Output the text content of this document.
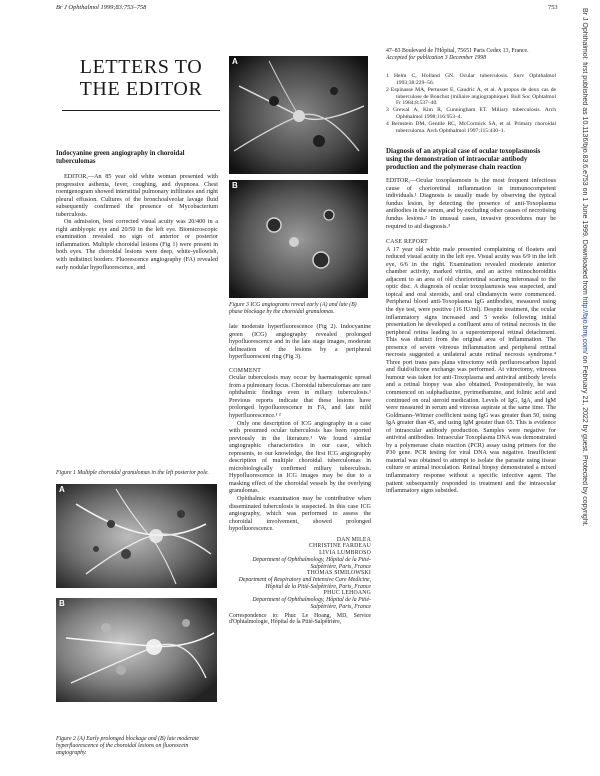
Br J Ophthalmol 1999;83:753–758	753
Br J Ophthalmol: first published as 10.1136/bjo.83.6.e753 on 1 June 1999. Downloaded from http://bjo.bmj.com/ on February 21, 2022 by guest. Protected by copyright.
LETTERS TO
THE EDITOR
Indocyanine green angiography in choroidal tuberculomas

EDITOR,—An 85 year old white woman presented with progressive asthenia, fever, coughing, and dyspnoea. Chest roentgenogram showed interstitial pulmonary infiltrates and right pleural effusion. Cultures of the bronchoalveolar lavage fluid subsequently confirmed the presence of Mycobacterium tuberculosis.

On admission, best corrected visual acuity was 20/400 in a right amblyopic eye and 20/50 in the left eye. Biomicroscopic examination revealed no sign of anterior or posterior inflammation. Multiple choroidal lesions (Fig 1) were present in both eyes. The choroidal lesions were deep, white-yellowish, with indistinct borders. Fluorescence angiography (FA) revealed early nodular hypofluorescence, and

Figure 1 Multiple choroidal granulomas in the left posterior pole.
A
B
Figure 2 (A) Early prolonged blockage and (B) late moderate hyperfluorescence of the choroidal lesions on fluorescein angiography.
A
B
Figure 3 ICG angiograms reveal early (A) and late (B) phase blockage by the choroidal granulomas.

late moderate hyperfluorescence (Fig 2). Indocyanine green (ICG) angiography revealed prolonged hypofluorescence and in the late stage images, moderate delineation of the lesions by a peripheral hyperfluorescent ring (Fig 3).

COMMENT

Ocular tuberculosis may occur by haematogenic spread from a pulmonary focus. Choroidal tuberculomas are rare ophthalmic findings even in miliary tuberculosis.¹ Previous reports indicate that these lesions have prolonged hypofluorescence in FA, and late mild hyperfluorescence.¹ ²

Only one description of ICG angiography in a case with presumed ocular tuberculosis has been reported previously in the literature.³ We found similar angiographic characteristics in our case, which represents, to our knowledge, the first ICG angiography description of multiple choroidal tuberculomas in microbiologically confirmed miliary tuberculosis. Hypofluorescence in ICG images may be due to a masking effect of the choroidal vessels by the overlying granulomas.

Ophthalmic examination may be contributive when disseminated tuberculosis is suspected. In this case ICG angiography, which was performed to assess the choroidal involvement, showed prolonged hypofluorescence.

DAN MILEA
CHRISTINE FARDEAU
LIVIA LUMBROSO
Department of Ophthalmology, Hôpital de la Pitié-Salpêtrière, Paris, France
THOMAS SIMILOWSKI
Department of Respiratory and Intensive Care Medicine, Hôpital de la Pitié-Salpêtrière, Paris, France
PHUC LEHOANG
Department of Ophthalmology, Hôpital de la Pitié-Salpêtrière, Paris, France
Correspondence to: Phuc Le Hoang, MD, Service d'Ophtalmologie, Hôpital de la Pitié-Salpêtrière,
47–83 Boulevard de l'Hôpital, 75651 Paris Cedex 13, France.
Accepted for publication 3 December 1998
1 Helm C, Holland GN. Ocular tuberculosis. Surv Ophthalmol 1993;38:229–56.
2 Espinasse MA, Pertusset E, Gaudric A, et al. A propos de deux cas de tuberculose de Bouchut (miliaire angiographique). Bull Soc Ophtalmol Fr 1984;8:537–40.
3 Grewal A, Kim R, Cunningham ET. Miliary tuberculosis. Arch Ophthalmol 1998;116:953–4.
4 Bernstein DM, Gentile RC, McCormick SA, et al. Primary choroidal tuberculoma. Arch Ophthalmol 1997;115:430–1.
Diagnosis of an atypical case of ocular toxoplasmosis using the demonstration of intraocular antibody production and the polymerase chain reaction

EDITOR,—Ocular toxoplasmosis is the most frequent infectious cause of chorioretinal inflammation in immunocompetent individuals.¹ Diagnosis is usually made by observing the typical fundus lesion, by detecting the presence of anti-Toxoplasma antibodies in the serum, and by excluding other causes of necrotising fundus lesions.² In unusual cases, invasive procedures may be required to aid diagnosis.³

CASE REPORT

A 17 year old white male presented complaining of floaters and reduced visual acuity in the left eye. Visual acuity was 6/9 in the left eye, 6/6 in the right. Examination revealed moderate anterior chamber activity, marked vitritis, and an active retinochoroiditis adjacent to an area of old chorioretinal scarring inferonasal to the optic disc. A diagnosis of ocular toxoplasmosis was suspected, and topical and oral steroids, and oral clindamycin were commenced. Peripheral blood anti-Toxoplasma IgG antibodies, measured using the dye test, were positive (16 IU/ml). Despite treatment, the ocular inflammatory signs increased and 5 weeks following initial presentation he developed a confluent area of retinal necrosis in the peripheral retina leading to a superotemporal retinal detachment. This was distinct from the original area of inflammation. The presence of severe vitreous inflammation and peripheral retinal necrosis suggested a unilateral acute retinal necrosis syndrome.⁴ Three port trans pars plana vitrectomy with perfluorocarbon liquid and fluid/silicone exchange was performed. At vitrectomy, vitreous humour was taken for anti-Toxoplasma and antiviral antibody levels and a retinal biopsy was also obtained. Postoperatively, he was commenced on sulphadiazine, pyrimethamine, and folinic acid and continued on oral steroid medication. Levels of IgG, IgA, and IgM were measured in serum and vitreous aspirate at the same time. The Goldmann–Witmer coefficient using IgG was greater than 50, using IgA greater than 45, and using IgM greater than 65. This is evidence of intraocular antibody production. Samples were negative for antiviral antibodies. Intraocular Toxoplasma DNA was demonstrated by a polymerase chain reaction (PCR) assay using primers for the P30 gene. PCR testing for viral DNA was negative. Insufficient material was obtained to attempt to isolate the parasite using tissue culture or animal inoculation. Retinal biopsy demonstrated a mixed inflammatory response without a specific infective agent. The patient subsequently responded to treatment and the intraocular inflammatory signs subsided.
